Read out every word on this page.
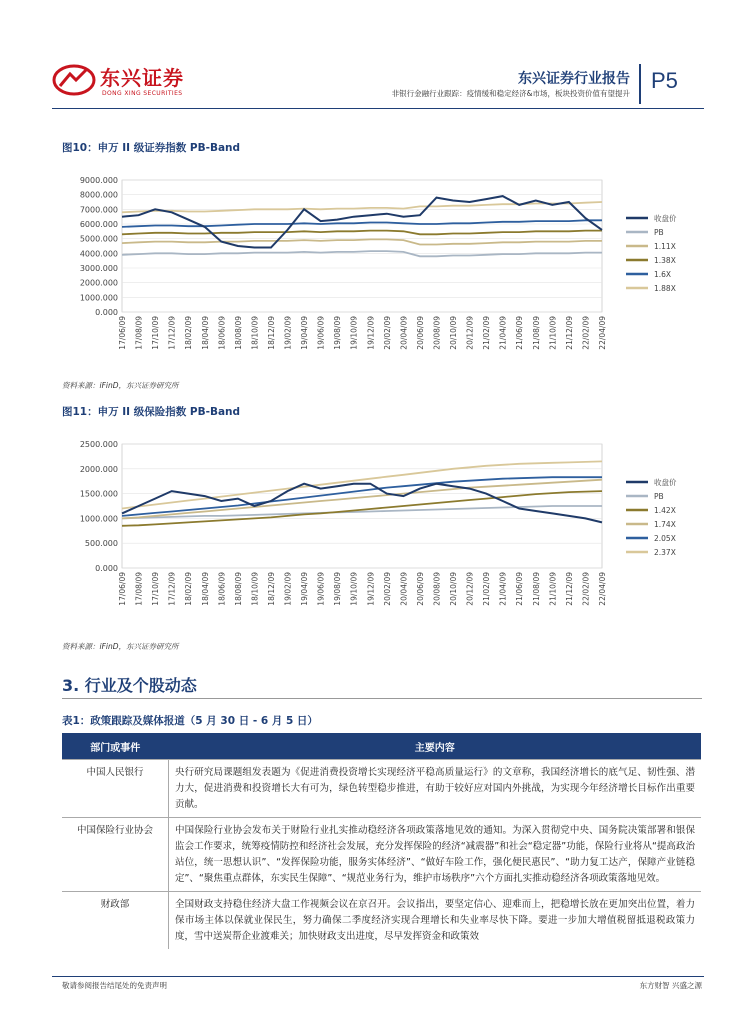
东兴证券
DONG XING SECURITIES
东兴证券行业报告
非银行金融行业跟踪：疫情缓和稳定经济&市场，板块投资价值有望提升
P5
图10：申万 II 级证券指数 PB-Band
9000.000
8000.000
7000.000
6000.000
5000.000
4000.000
3000.000
2000.000
1000.000
0.000
17/06/09 17/08/09 17/10/09 17/12/09 18/02/09 18/04/09 18/06/09 18/08/09 18/10/09 18/12/09 19/02/09 19/04/09 19/06/09 19/08/09 19/10/09 19/12/09 20/02/09 20/04/09 20/06/09 20/08/09 20/10/09 20/12/09 21/02/09 21/04/09 21/06/09 21/08/09 21/10/09 21/12/09 22/02/09 22/04/09
收盘价
PB
1.11X
1.38X
1.6X
1.88X
资料来源：iFinD，东兴证券研究所
图11：申万 II 级保险指数 PB-Band
2500.000
2000.000
1500.000
1000.000
500.000
0.000
17/06/09 17/08/09 17/10/09 17/12/09 18/02/09 18/04/09 18/06/09 18/08/09 18/10/09 18/12/09 19/02/09 19/04/09 19/06/09 19/08/09 19/10/09 19/12/09 20/02/09 20/04/09 20/06/09 20/08/09 20/10/09 20/12/09 21/02/09 21/04/09 21/06/09 21/08/09 21/10/09 21/12/09 22/02/09 22/04/09
收盘价
PB
1.42X
1.74X
2.05X
2.37X
资料来源：iFinD，东兴证券研究所
3. 行业及个股动态
表1：政策跟踪及媒体报道（5 月 30 日 - 6 月 5 日）
部门或事件	主要内容
中国人民银行	央行研究局课题组发表题为《促进消费投资增长实现经济平稳高质量运行》的文章称，我国经济增长的底气足、韧性强、潜力大，促进消费和投资增长大有可为，绿色转型稳步推进，有助于较好应对国内外挑战，为实现今年经济增长目标作出重要贡献。
中国保险行业协会	中国保险行业协会发布关于财险行业扎实推动稳经济各项政策落地见效的通知。为深入贯彻党中央、国务院决策部署和银保监会工作要求，统筹疫情防控和经济社会发展，充分发挥保险的经济“减震器”和社会“稳定器”功能，保险行业将从“提高政治站位，统一思想认识”、“发挥保险功能，服务实体经济”、“做好车险工作，强化便民惠民”、“助力复工达产，保障产业链稳定”、“聚焦重点群体，东实民生保障”、“规范业务行为，维护市场秩序”六个方面扎实推动稳经济各项政策落地见效。
财政部	全国财政支持稳住经济大盘工作视频会议在京召开。会议指出，要坚定信心、迎难而上，把稳增长放在更加突出位置，着力保市场主体以保就业保民生，努力确保二季度经济实现合理增长和失业率尽快下降。要进一步加大增值税留抵退税政策力度，雪中送炭帮企业渡难关；加快财政支出进度，尽早发挥资金和政策效
敬请参阅报告结尾处的免责声明	东方财智 兴盛之源
